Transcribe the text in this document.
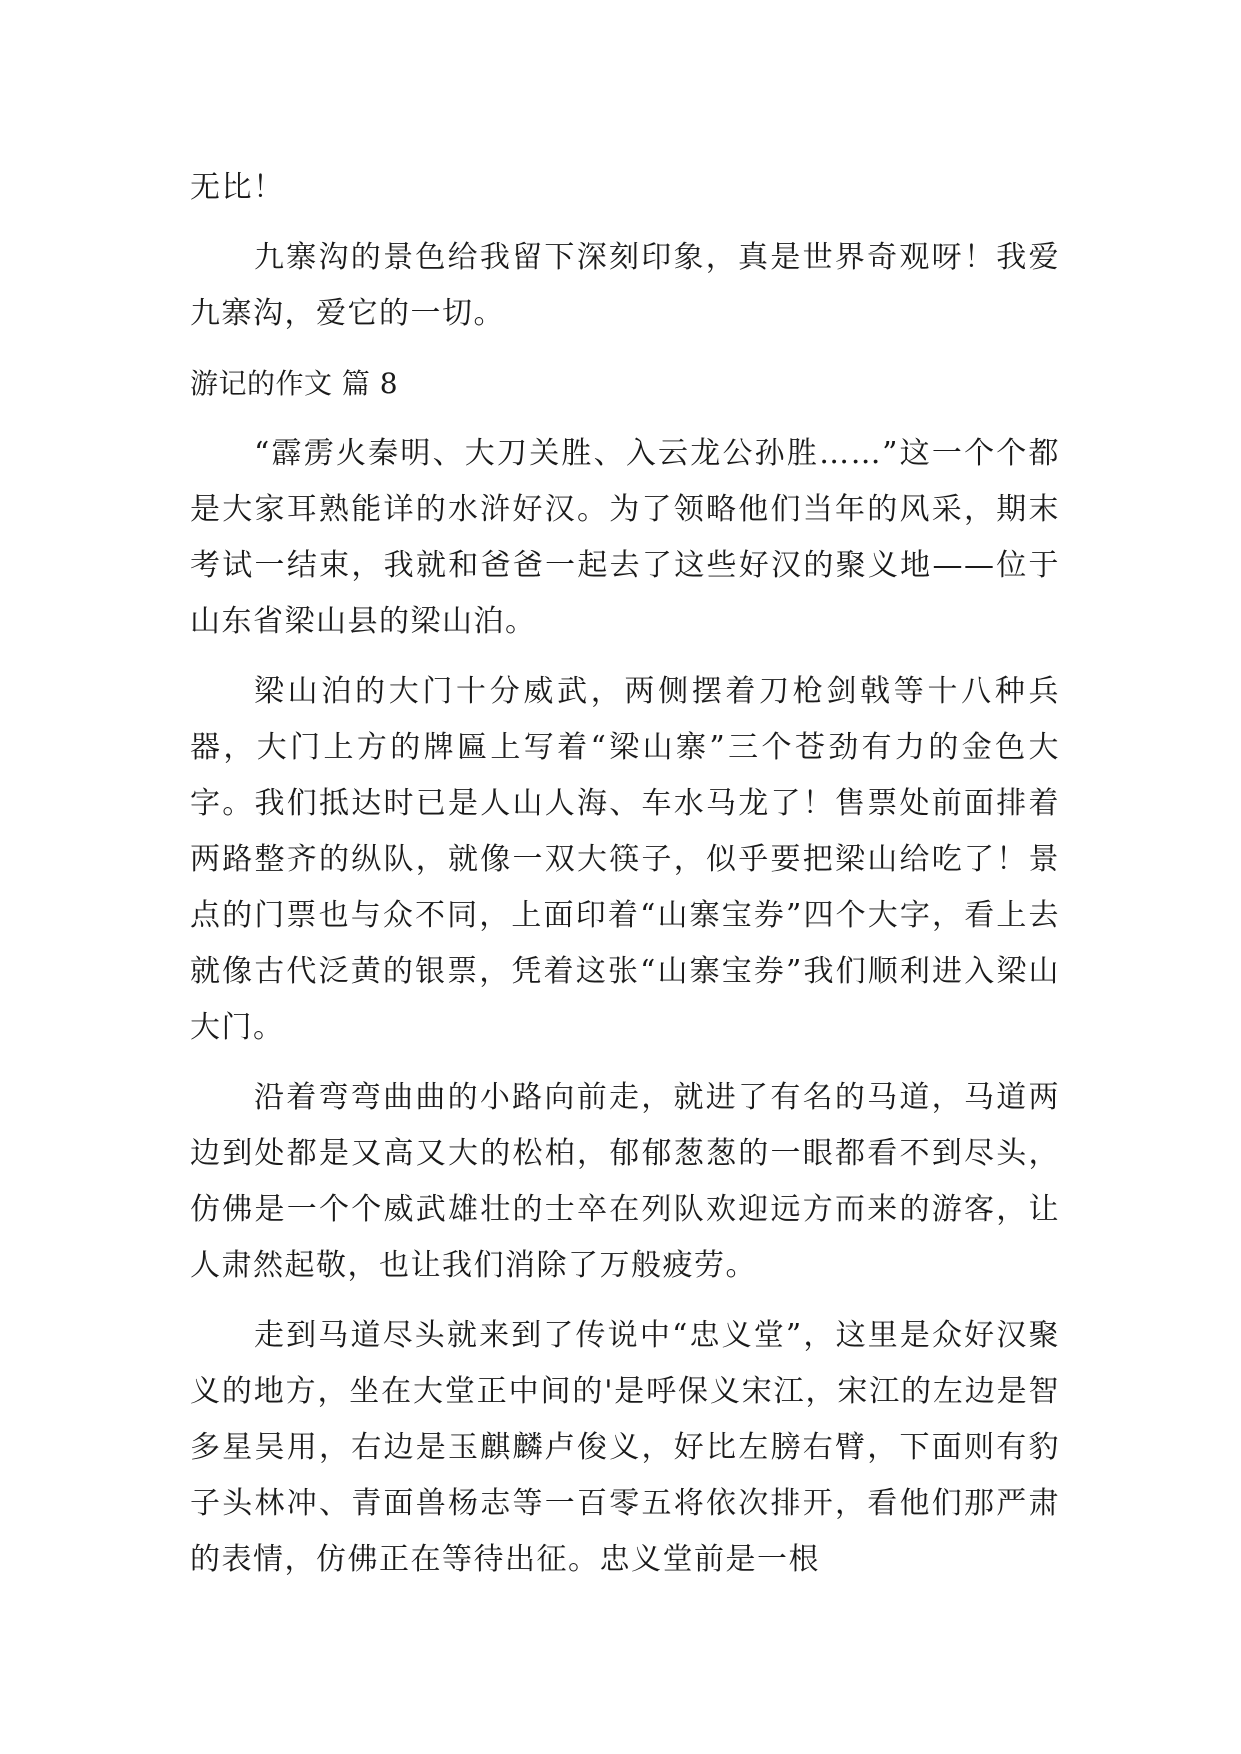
无比！

九寨沟的景色给我留下深刻印象，真是世界奇观呀！我爱九寨沟，爱它的一切。

游记的作文 篇 8

“霹雳火秦明、大刀关胜、入云龙公孙胜……”这一个个都是大家耳熟能详的水浒好汉。为了领略他们当年的风采，期末考试一结束，我就和爸爸一起去了这些好汉的聚义地——位于山东省梁山县的梁山泊。

梁山泊的大门十分威武，两侧摆着刀枪剑戟等十八种兵器，大门上方的牌匾上写着“梁山寨”三个苍劲有力的金色大字。我们抵达时已是人山人海、车水马龙了！售票处前面排着两路整齐的纵队，就像一双大筷子，似乎要把梁山给吃了！景点的门票也与众不同，上面印着“山寨宝券”四个大字，看上去就像古代泛黄的银票，凭着这张“山寨宝券”我们顺利进入梁山大门。

沿着弯弯曲曲的小路向前走，就进了有名的马道，马道两边到处都是又高又大的松柏，郁郁葱葱的一眼都看不到尽头，仿佛是一个个威武雄壮的士卒在列队欢迎远方而来的游客，让人肃然起敬，也让我们消除了万般疲劳。

走到马道尽头就来到了传说中“忠义堂”，这里是众好汉聚义的地方，坐在大堂正中间的'是呼保义宋江，宋江的左边是智多星吴用，右边是玉麒麟卢俊义，好比左膀右臂，下面则有豹子头林冲、青面兽杨志等一百零五将依次排开，看他们那严肃的表情，仿佛正在等待出征。忠义堂前是一根
